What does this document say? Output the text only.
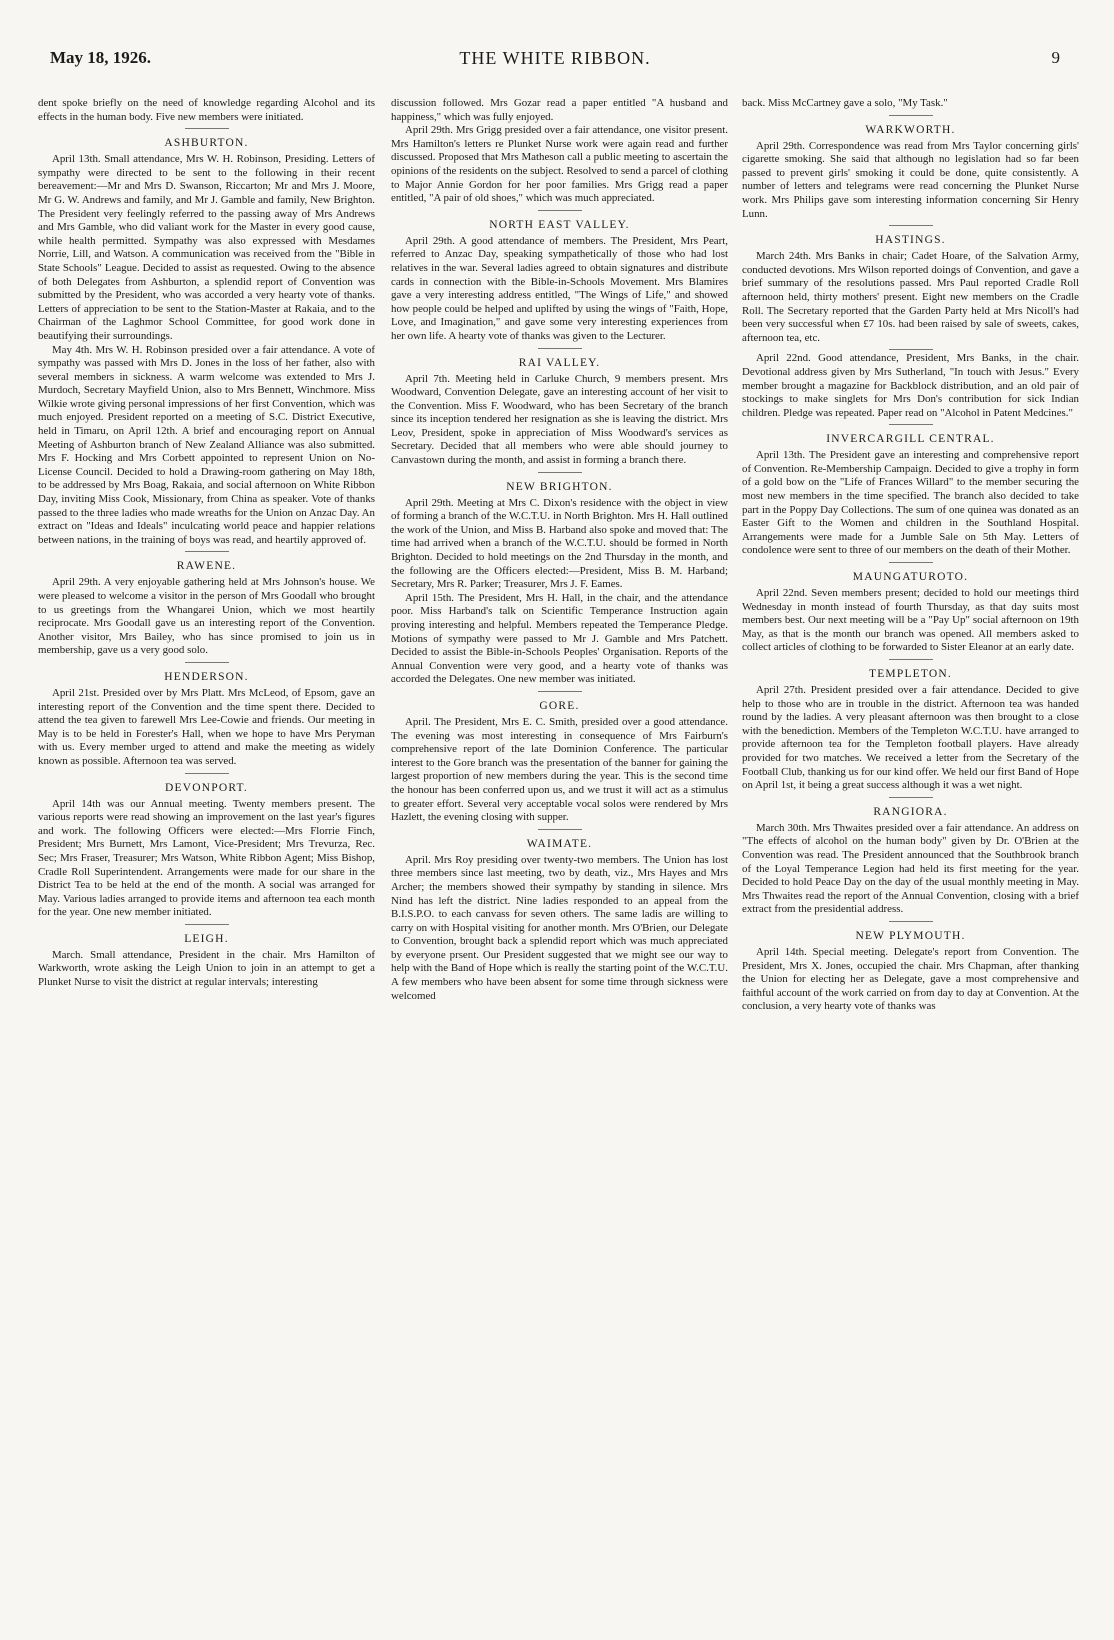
May 18, 1926.	THE WHITE RIBBON.	9

dent spoke briefly on the need of knowledge regarding Alcohol and its effects in the human body. Five new members were initiated.

ASHBURTON.

April 13th. Small attendance, Mrs W. H. Robinson, Presiding. Letters of sympathy were directed to be sent to the following in their recent bereavement:—Mr and Mrs D. Swanson, Riccarton; Mr and Mrs J. Moore, Mr G. W. Andrews and family, and Mr J. Gamble and family, New Brighton. The President very feelingly referred to the passing away of Mrs Andrews and Mrs Gamble, who did valiant work for the Master in every good cause, while health permitted. Sympathy was also expressed with Mesdames Norrie, Lill, and Watson. A communication was received from the "Bible in State Schools" League. Decided to assist as requested. Owing to the absence of both Delegates from Ashburton, a splendid report of Convention was submitted by the President, who was accorded a very hearty vote of thanks. Letters of appreciation to be sent to the Station-Master at Rakaia, and to the Chairman of the Laghmor School Committee, for good work done in beautifying their surroundings.

May 4th. Mrs W. H. Robinson presided over a fair attendance. A vote of sympathy was passed with Mrs D. Jones in the loss of her father, also with several members in sickness. A warm welcome was extended to Mrs J. Murdoch, Secretary Mayfield Union, also to Mrs Bennett, Winchmore. Miss Wilkie wrote giving personal impressions of her first Convention, which was much enjoyed. President reported on a meeting of S.C. District Executive, held in Timaru, on April 12th. A brief and encouraging report on Annual Meeting of Ashburton branch of New Zealand Alliance was also submitted. Mrs F. Hocking and Mrs Corbett appointed to represent Union on No-License Council. Decided to hold a Drawing-room gathering on May 18th, to be addressed by Mrs Boag, Rakaia, and social afternoon on White Ribbon Day, inviting Miss Cook, Missionary, from China as speaker. Vote of thanks passed to the three ladies who made wreaths for the Union on Anzac Day. An extract on "Ideas and Ideals" inculcating world peace and happier relations between nations, in the training of boys was read, and heartily approved of.

RAWENE.

April 29th. A very enjoyable gathering held at Mrs Johnson's house. We were pleased to welcome a visitor in the person of Mrs Goodall who brought to us greetings from the Whangarei Union, which we most heartily reciprocate. Mrs Goodall gave us an interesting report of the Convention. Another visitor, Mrs Bailey, who has since promised to join us in membership, gave us a very good solo.

HENDERSON.

April 21st. Presided over by Mrs Platt. Mrs McLeod, of Epsom, gave an interesting report of the Convention and the time spent there. Decided to attend the tea given to farewell Mrs Lee-Cowie and friends. Our meeting in May is to be held in Forester's Hall, when we hope to have Mrs Peryman with us. Every member urged to attend and make the meeting as widely known as possible. Afternoon tea was served.

DEVONPORT.

April 14th was our Annual meeting. Twenty members present. The various reports were read showing an improvement on the last year's figures and work. The following Officers were elected:—Mrs Florrie Finch, President; Mrs Burnett, Mrs Lamont, Vice-President; Mrs Trevurza, Rec. Sec; Mrs Fraser, Treasurer; Mrs Watson, White Ribbon Agent; Miss Bishop, Cradle Roll Superintendent. Arrangements were made for our share in the District Tea to be held at the end of the month. A social was arranged for May. Various ladies arranged to provide items and afternoon tea each month for the year. One new member initiated.

LEIGH.

March. Small attendance, President in the chair. Mrs Hamilton of Warkworth, wrote asking the Leigh Union to join in an attempt to get a Plunket Nurse to visit the district at regular intervals; interesting

discussion followed. Mrs Gozar read a paper entitled "A husband and happiness," which was fully enjoyed.

April 29th. Mrs Grigg presided over a fair attendance, one visitor present. Mrs Hamilton's letters re Plunket Nurse work were again read and further discussed. Proposed that Mrs Matheson call a public meeting to ascertain the opinions of the residents on the subject. Resolved to send a parcel of clothing to Major Annie Gordon for her poor families. Mrs Grigg read a paper entitled, "A pair of old shoes," which was much appreciated.

NORTH EAST VALLEY.

April 29th. A good attendance of members. The President, Mrs Peart, referred to Anzac Day, speaking sympathetically of those who had lost relatives in the war. Several ladies agreed to obtain signatures and distribute cards in connection with the Bible-in-Schools Movement. Mrs Blamires gave a very interesting address entitled, "The Wings of Life," and showed how people could be helped and uplifted by using the wings of "Faith, Hope, Love, and Imagination," and gave some very interesting experiences from her own life. A hearty vote of thanks was given to the Lecturer.

RAI VALLEY.

April 7th. Meeting held in Carluke Church, 9 members present. Mrs Woodward, Convention Delegate, gave an interesting account of her visit to the Convention. Miss F. Woodward, who has been Secretary of the branch since its inception tendered her resignation as she is leaving the district. Mrs Leov, President, spoke in appreciation of Miss Woodward's services as Secretary. Decided that all members who were able should journey to Canvastown during the month, and assist in forming a branch there.

NEW BRIGHTON.

April 29th. Meeting at Mrs C. Dixon's residence with the object in view of forming a branch of the W.C.T.U. in North Brighton. Mrs H. Hall outlined the work of the Union, and Miss B. Harband also spoke and moved that: The time had arrived when a branch of the W.C.T.U. should be formed in North Brighton. Decided to hold meetings on the 2nd Thursday in the month, and the following are the Officers elected:—President, Miss B. M. Harband; Secretary, Mrs R. Parker; Treasurer, Mrs J. F. Eames.

April 15th. The President, Mrs H. Hall, in the chair, and the attendance poor. Miss Harband's talk on Scientific Temperance Instruction again proving interesting and helpful. Members repeated the Temperance Pledge. Motions of sympathy were passed to Mr J. Gamble and Mrs Patchett. Decided to assist the Bible-in-Schools Peoples' Organisation. Reports of the Annual Convention were very good, and a hearty vote of thanks was accorded the Delegates. One new member was initiated.

GORE.

April. The President, Mrs E. C. Smith, presided over a good attendance. The evening was most interesting in consequence of Mrs Fairburn's comprehensive report of the late Dominion Conference. The particular interest to the Gore branch was the presentation of the banner for gaining the largest proportion of new members during the year. This is the second time the honour has been conferred upon us, and we trust it will act as a stimulus to greater effort. Several very acceptable vocal solos were rendered by Mrs Hazlett, the evening closing with supper.

WAIMATE.

April. Mrs Roy presiding over twenty-two members. The Union has lost three members since last meeting, two by death, viz., Mrs Hayes and Mrs Archer; the members showed their sympathy by standing in silence. Mrs Nind has left the district. Nine ladies responded to an appeal from the B.I.S.P.O. to each canvass for seven others. The same ladis are willing to carry on with Hospital visiting for another month. Mrs O'Brien, our Delegate to Convention, brought back a splendid report which was much appreciated by everyone prsent. Our President suggested that we might see our way to help with the Band of Hope which is really the starting point of the W.C.T.U. A few members who have been absent for some time through sickness were welcomed

back. Miss McCartney gave a solo, "My Task."

WARKWORTH.

April 29th. Correspondence was read from Mrs Taylor concerning girls' cigarette smoking. She said that although no legislation had so far been passed to prevent girls' smoking it could be done, quite consistently. A number of letters and telegrams were read concerning the Plunket Nurse work. Mrs Philips gave som interesting information concerning Sir Henry Lunn.

HASTINGS.

March 24th. Mrs Banks in chair; Cadet Hoare, of the Salvation Army, conducted devotions. Mrs Wilson reported doings of Convention, and gave a brief summary of the resolutions passed. Mrs Paul reported Cradle Roll afternoon held, thirty mothers' present. Eight new members on the Cradle Roll. The Secretary reported that the Garden Party held at Mrs Nicoll's had been very successful when £7 10s. had been raised by sale of sweets, cakes, afternoon tea, etc.

April 22nd. Good attendance, President, Mrs Banks, in the chair. Devotional address given by Mrs Sutherland, "In touch with Jesus." Every member brought a magazine for Backblock distribution, and an old pair of stockings to make singlets for Mrs Don's contribution for sick Indian children. Pledge was repeated. Paper read on "Alcohol in Patent Medcines."

INVERCARGILL CENTRAL.

April 13th. The President gave an interesting and comprehensive report of Convention. Re-Membership Campaign. Decided to give a trophy in form of a gold bow on the "Life of Frances Willard" to the member securing the most new members in the time specified. The branch also decided to take part in the Poppy Day Collections. The sum of one quinea was donated as an Easter Gift to the Women and children in the Southland Hospital. Arrangements were made for a Jumble Sale on 5th May. Letters of condolence were sent to three of our members on the death of their Mother.

MAUNGATUROTO.

April 22nd. Seven members present; decided to hold our meetings third Wednesday in month instead of fourth Thursday, as that day suits most members best. Our next meeting will be a "Pay Up" social afternoon on 19th May, as that is the month our branch was opened. All members asked to collect articles of clothing to be forwarded to Sister Eleanor at an early date.

TEMPLETON.

April 27th. President presided over a fair attendance. Decided to give help to those who are in trouble in the district. Afternoon tea was handed round by the ladies. A very pleasant afternoon was then brought to a close with the benediction. Members of the Templeton W.C.T.U. have arranged to provide afternoon tea for the Templeton football players. Have already provided for two matches. We received a letter from the Secretary of the Football Club, thanking us for our kind offer. We held our first Band of Hope on April 1st, it being a great success although it was a wet night.

RANGIORA.

March 30th. Mrs Thwaites presided over a fair attendance. An address on "The effects of alcohol on the human body" given by Dr. O'Brien at the Convention was read. The President announced that the Southbrook branch of the Loyal Temperance Legion had held its first meeting for the year. Decided to hold Peace Day on the day of the usual monthly meeting in May. Mrs Thwaites read the report of the Annual Convention, closing with a brief extract from the presidential address.

NEW PLYMOUTH.

April 14th. Special meeting. Delegate's report from Convention. The President, Mrs X. Jones, occupied the chair. Mrs Chapman, after thanking the Union for electing her as Delegate, gave a most comprehensive and faithful account of the work carried on from day to day at Convention. At the conclusion, a very hearty vote of thanks was
